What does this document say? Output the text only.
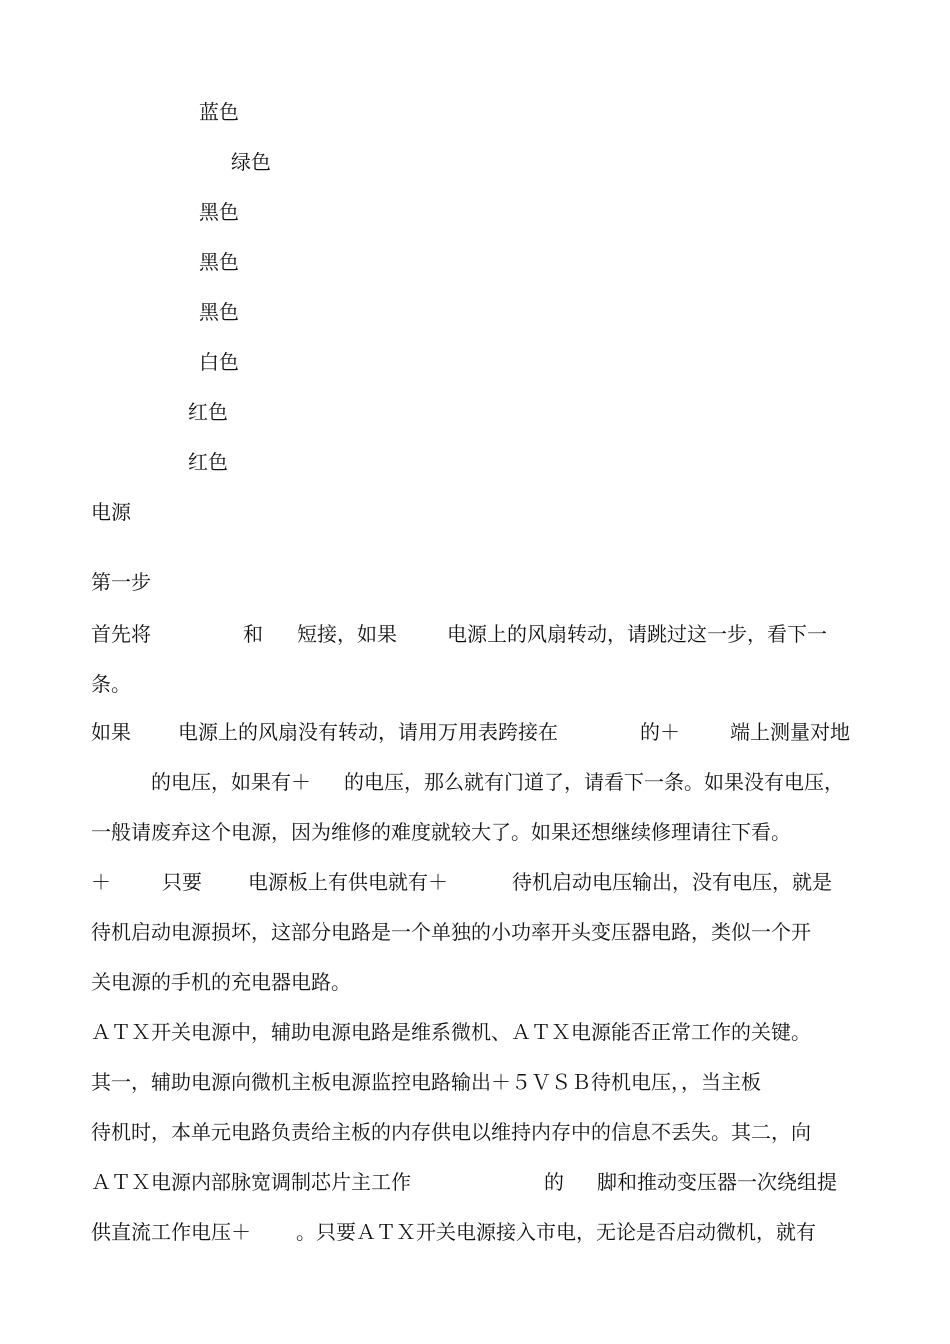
蓝色
绿色
黑色
黑色
黑色
白色
红色
红色
电源
第一步
首先将	和 短接，如果	电源上的风扇转动，请跳过这一步，看下一
条。
如果 电源上的风扇没有转动，请用万用表跨接在	的＋	端上测量对地
的电压，如果有＋ 的电压，那么就有门道了，请看下一条。如果没有电压，
一般请废弃这个电源，因为维修的难度就较大了。如果还想继续修理请往下看。
＋	只要 电源板上有供电就有＋	待机启动电压输出，没有电压，就是
待机启动电源损坏，这部分电路是一个单独的小功率开头变压器电路，类似一个开
关电源的手机的充电器电路。
ＡＴＸ开关电源中，辅助电源电路是维系微机、ＡＴＸ电源能否正常工作的关键。
其一，辅助电源向微机主板电源监控电路输出＋５ＶＳＢ待机电压，，当主板
待机时，本单元电路负责给主板的内存供电以维持内存中的信息不丢失。其二，向
ＡＴＸ电源内部脉宽调制芯片主工作	的 脚和推动变压器一次绕组提
供直流工作电压＋ 。只要ＡＴＸ开关电源接入市电，无论是否启动微机，就有
